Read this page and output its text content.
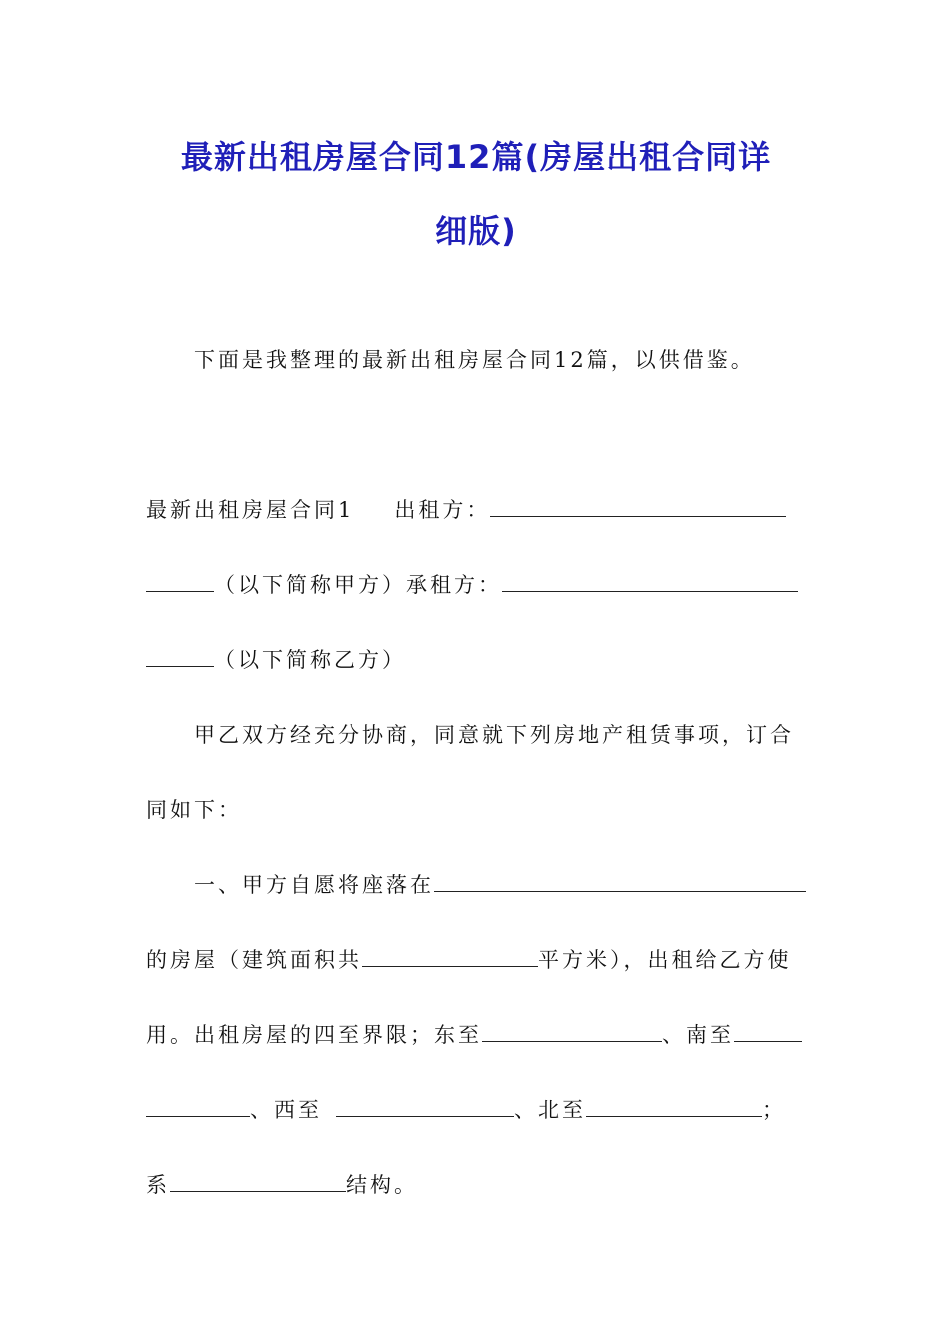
最新出租房屋合同12篇(房屋出租合同详
细版)
下面是我整理的最新出租房屋合同12篇，以供借鉴。
最新出租房屋合同1 出租方：
（以下简称甲方）承租方：
（以下简称乙方）
甲乙双方经充分协商，同意就下列房地产租赁事项，订合
同如下：
一、甲方自愿将座落在
的房屋（建筑面积共	平方米），出租给乙方使
用。出租房屋的四至界限；东至	、南至
、西至	、北至	；
系	结构。
